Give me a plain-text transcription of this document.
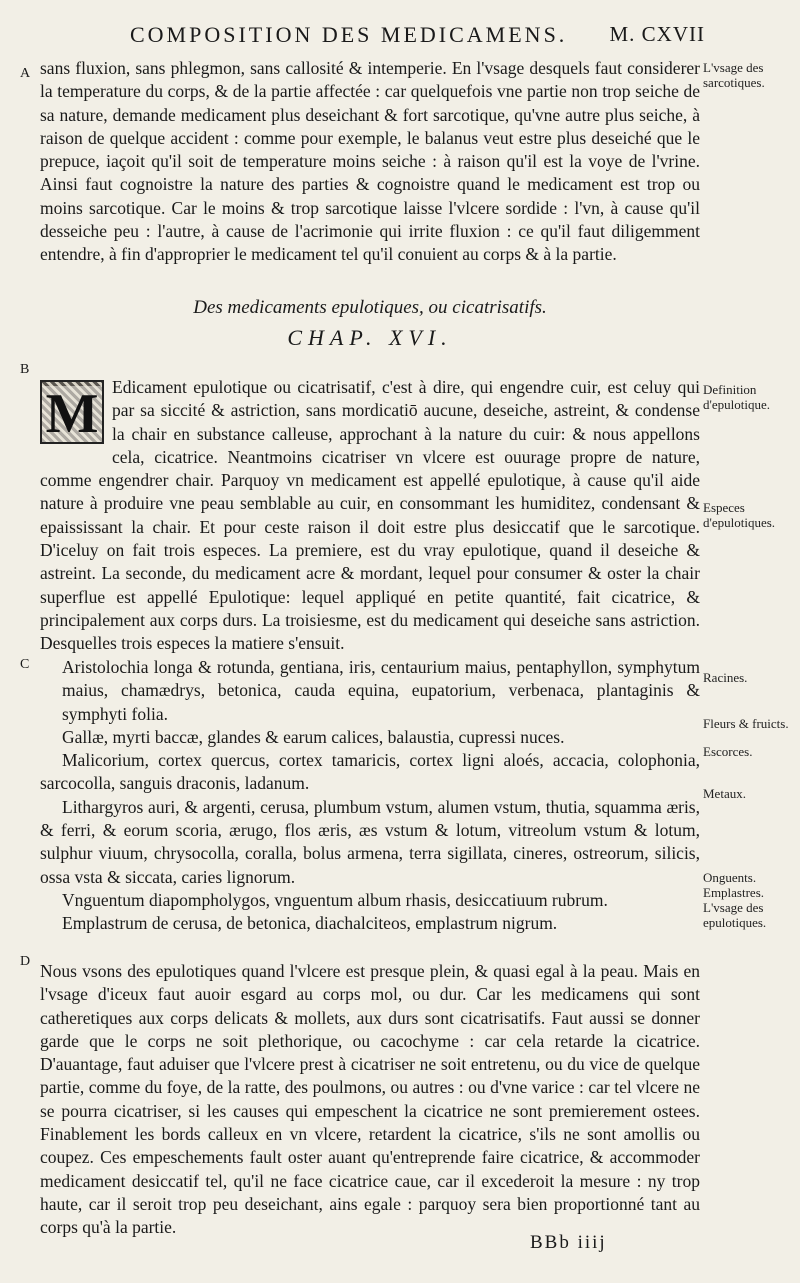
COMPOSITION DES MEDICAMENS. M. CXVII
A
B
C
D

sans fluxion, sans phlegmon, sans callosité & intemperie. En l'vsage desquels faut considerer la temperature du corps, & de la partie affectée : car quelquefois vne partie non trop seiche de sa nature, demande medicament plus deseichant & fort sarcotique, qu'vne autre plus seiche, à raison de quelque accident : comme pour exemple, le balanus veut estre plus deseiché que le prepuce, iaçoit qu'il soit de temperature moins seiche : à raison qu'il est la voye de l'vrine. Ainsi faut cognoistre la nature des parties & cognoistre quand le medicament est trop ou moins sarcotique. Car le moins & trop sarcotique laisse l'vlcere sordide : l'vn, à cause qu'il desseiche peu : l'autre, à cause de l'acrimonie qui irrite fluxion : ce qu'il faut diligemment entendre, à fin d'approprier le medicament tel qu'il conuient au corps & à la partie.

Des medicaments epulotiques, ou cicatrisatifs.
CHAP. XVI.
M Edicament epulotique ou cicatrisatif, c'est à dire, qui engendre cuir, est celuy qui par sa siccité & astriction, sans mordicatiō aucune, deseiche, astreint, & condense la chair en substance calleuse, approchant à la nature du cuir: & nous appellons cela, cicatrice. Neantmoins cicatriser vn vlcere est ouurage propre de nature, comme engendrer chair. Parquoy vn medicament est appellé epulotique, à cause qu'il aide nature à produire vne peau semblable au cuir, en consommant les humiditez, condensant & epaississant la chair. Et pour ceste raison il doit estre plus desiccatif que le sarcotique. D'iceluy on fait trois especes. La premiere, est du vray epulotique, quand il deseiche & astreint. La seconde, du medicament acre & mordant, lequel pour consumer & oster la chair superflue est appellé Epulotique: lequel appliqué en petite quantité, fait cicatrice, & principalement aux corps durs. La troisiesme, est du medicament qui deseiche sans astriction. Desquelles trois especes la matiere s'ensuit.

Aristolochia longa & rotunda, gentiana, iris, centaurium maius, pentaphyllon, symphytum maius, chamædrys, betonica, cauda equina, eupatorium, verbenaca, plantaginis & symphyti folia.

Gallæ, myrti baccæ, glandes & earum calices, balaustia, cupressi nuces.

Malicorium, cortex quercus, cortex tamaricis, cortex ligni aloés, accacia, colophonia, sarcocolla, sanguis draconis, ladanum.

Lithargyros auri, & argenti, cerusa, plumbum vstum, alumen vstum, thutia, squamma æris, & ferri, & eorum scoria, ærugo, flos æris, æs vstum & lotum, vitreolum vstum & lotum, sulphur viuum, chrysocolla, coralla, bolus armena, terra sigillata, cineres, ostreorum, silicis, ossa vsta & siccata, caries lignorum.

Vnguentum diapompholygos, vnguentum album rhasis, desiccatiuum rubrum.

Emplastrum de cerusa, de betonica, diachalciteos, emplastrum nigrum.

Nous vsons des epulotiques quand l'vlcere est presque plein, & quasi egal à la peau. Mais en l'vsage d'iceux faut auoir esgard au corps mol, ou dur. Car les medicamens qui sont catheretiques aux corps delicats & mollets, aux durs sont cicatrisatifs. Faut aussi se donner garde que le corps ne soit plethorique, ou cacochyme : car cela retarde la cicatrice. D'auantage, faut aduiser que l'vlcere prest à cicatriser ne soit entretenu, ou du vice de quelque partie, comme du foye, de la ratte, des poulmons, ou autres : ou d'vne varice : car tel vlcere ne se pourra cicatriser, si les causes qui empeschent la cicatrice ne sont premierement ostees. Finablement les bords calleux en vn vlcere, retardent la cicatrice, s'ils ne sont amollis ou coupez. Ces empeschements fault oster auant qu'entreprende faire cicatrice, & accommoder medicament desiccatif tel, qu'il ne face cicatrice caue, car il excederoit la mesure : ny trop haute, car il seroit trop peu deseichant, ains egale : parquoy sera bien proportionné tant au corps qu'à la partie.

L'vsage des sarcotiques.
Definition d'epulotique.
Especes d'epulotiques.
Racines.
Fleurs & fruicts.
Escorces.
Metaux.
Onguents.
Emplastres.
L'vsage des epulotiques.
BBb iiij
